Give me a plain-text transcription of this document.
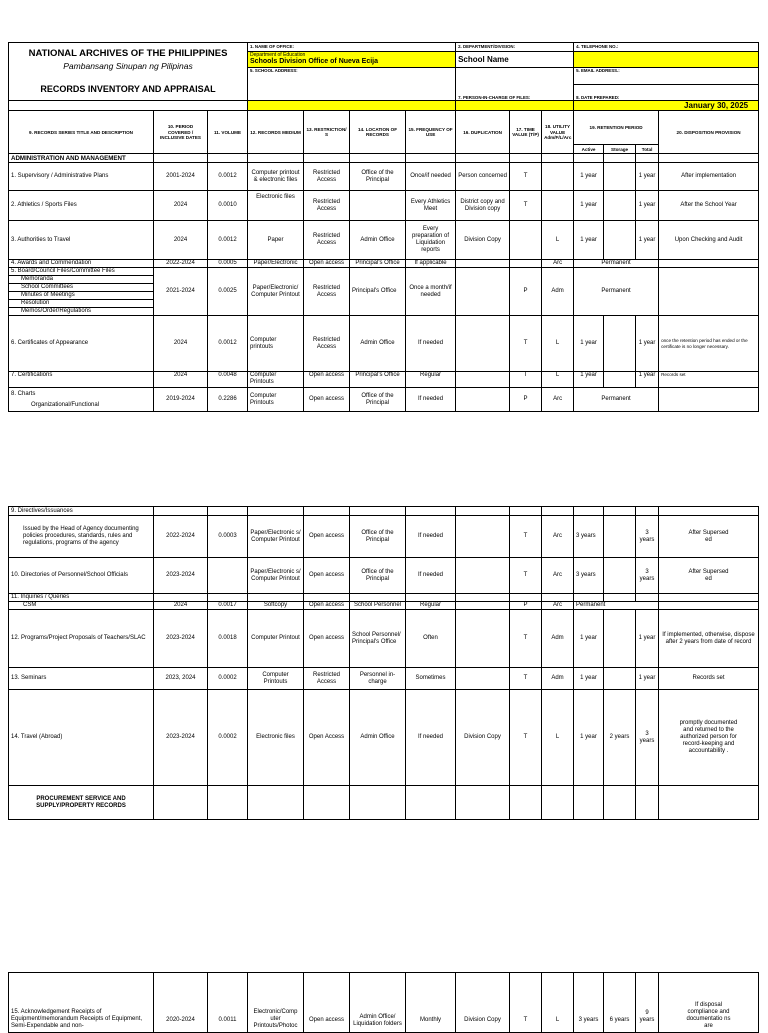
NATIONAL ARCHIVES OF THE PHILIPPINES
Pambansang Sinupan ng Pilipinas
RECORDS INVENTORY AND APPRAISAL			1. NAME OF OFFICE:				2. DEPARTMENT/DIVISION:			4. TELEPHONE NO.:			

			Department of Education
Schools Division Office of Nueva Ecija				School Name						

			5. SCHOOL ADDRESS:				7. PERSON-IN-CHARGE OF FILES:			5. EMAIL ADDRESS.:			

										8. DATE PREPARED:			

										January 30, 2025			
9. RECORDS SERIES TITLE AND DESCRIPTION	10. PERIOD COVERED / INCLUSIVE DATES	11. VOLUME	12. RECORDS MEDIUM	13. RESTRICTION/ S	14. LOCATION OF RECORDS	15. FREQUENCY OF USE	16. DUPLICATION	17. TIME VALUE (T/P)	18. UTILITY VALUE Adm/F/L/Arc	19. RETENTION PERIOD			20. DISPOSITION PROVISION
										Active	Storage	Total	
ADMINISTRATION AND MANAGEMENT													
1. Supervisory / Administrative Plans	2001-2024	0.0012	Computer printout & electronic files	Restricted Access	Office of the Principal	Once/if needed	Person concerned	T		1 year		1 year	After implementation
2. Athletics / Sports Files	2024	0.0010	Electronic files	Restricted Access		Every Athletics Meet	District copy and Division copy	T		1 year		1 year	After the School Year
3. Authorities to Travel	2024	0.0012	Paper	Restricted Access	Admin Office	Every preparation of Liquidation reports	Division Copy		L	1 year		1 year	Upon Checking and Audit
4. Awards and Commendation	2022-2024	0.0005	Paper/Electronic	Open access	Principal's Office	If applicable			Arc	Permanent			
5. Board/Council Files/Committee Files	2021-2024	0.0025	Paper/Electronic/ Computer Printout	Restricted Access	Principal's Office	Once a month/if needed		P	Adm	Permanent			
Memoranda													
School Committees													
Minutes of Meetings													
Resolution													
Memos/Order/Regulations													
6. Certificates of Appearance	2024	0.0012	Computer printouts	Restricted Access	Admin Office	If needed		T	L	1 year		1 year	once the retention period has ended or the certificate is no longer necessary.
7. Certifications	2024	0.0048	Computer Printouts	Open access	Principal's Office	Regular		T	L	1 year		1 year	Records set

8. Charts
Organizational/Functional	2019-2024	0.2286	Computer Printouts	Open access	Office of the Principal	If needed		P	Arc	Permanent			
9. Directives/Issuances													
Issued by the Head of Agency documenting policies procedures, standards, rules and regulations, programs of the agency	2022-2024	0.0003	Paper/Electronic s/ Computer Printout	Open access	Office of the Principal	If needed		T	Arc	3 years		3 years	After Supersed ed
10. Directories of Personnel/School Officials	2023-2024		Paper/Electronic s/ Computer Printout	Open access	Office of the Principal	If needed		T	Arc	3 years		3 years	After Supersed ed
11. Inquiries / Queries													
CSM	2024	0.0017	Softcopy	Open access	School Personnel	Regular		P	Arc	Permanent			
12. Programs/Project Proposals of Teachers/SLAC	2023-2024	0.0018	Computer Printout	Open access	School Personnel/ Principal's Office	Often		T	Adm	1 year		1 year	If implemented, otherwise, dispose after 2 years from date of record
13. Seminars	2023, 2024	0.0002	Computer Printouts	Restricted Access	Personnel in-charge	Sometimes		T	Adm	1 year		1 year	Records set
14. Travel (Abroad)	2023-2024	0.0002	Electronic files	Open Access	Admin Office	If needed	Division Copy	T	L	1 year	2 years	3 years	promptly documented and returned to the authorized person for record-keeping and accountability .
PROCUREMENT SERVICE AND SUPPLY/PROPERTY RECORDS													
15. Acknowledgement Receipts of Equipment/memorandum Receipts of Equipment, Semi-Expendable and non-	2020-2024	0.0011	Electronic/Comp uter Printouts/Photoc	Open access	Admin Office/ Liquidation folders	Monthly	Division Copy	T	L	3 years	6 years	9 years	If disposal compliance and documentatio ns are
